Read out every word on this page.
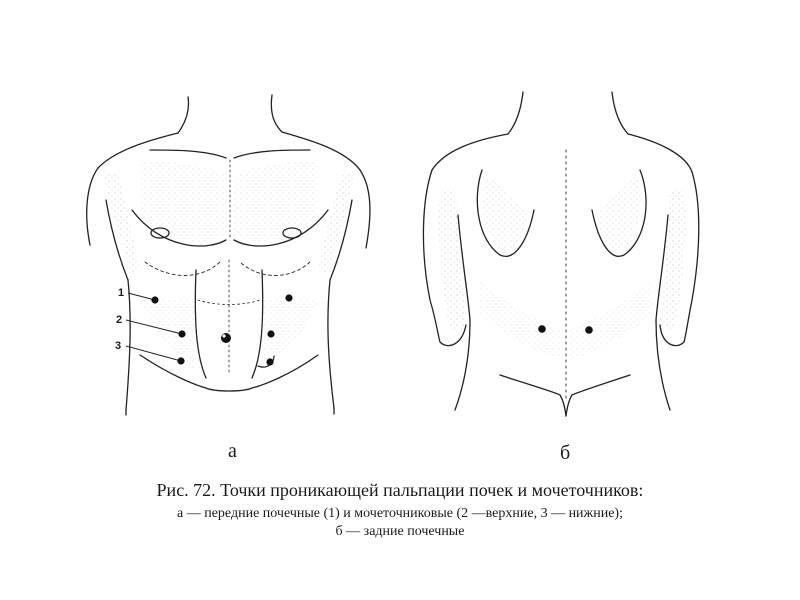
1
2
3
а	б
Рис. 72. Точки проникающей пальпации почек и мочеточников:
а — передние почечные (1) и мочеточниковые (2 —верхние, 3 — нижние);
б — задние почечные
